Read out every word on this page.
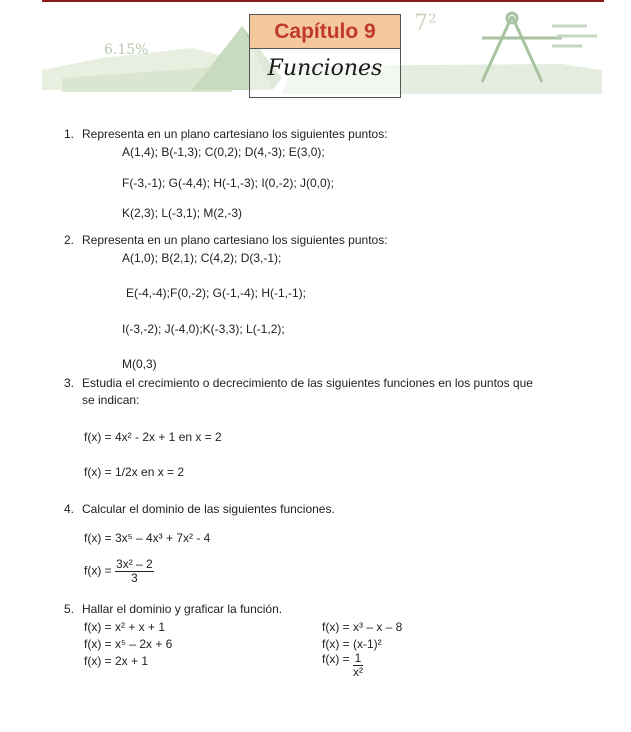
6.15%
7²
Capítulo 9
Funciones
1. Representa en un plano cartesiano los siguientes puntos:
A(1,4); B(-1,3); C(0,2); D(4,-3); E(3,0);
F(-3,-1); G(-4,4); H(-1,-3); I(0,-2); J(0,0);
K(2,3); L(-3,1); M(2,-3)
2. Representa en un plano cartesiano los siguientes puntos:
A(1,0); B(2,1); C(4,2); D(3,-1);
E(-4,-4);F(0,-2); G(-1,-4); H(-1,-1);
I(-3,-2); J(-4,0);K(-3,3); L(-1,2);
M(0,3)
3. Estudia el crecimiento o decrecimiento de las siguientes funciones en los puntos que
se indican:
f(x) = 4x² - 2x + 1 en x = 2
f(x) = 1/2x en x = 2
4. Calcular el dominio de las siguientes funciones.
f(x) = 3x⁵ – 4x³ + 7x² - 4
$f(x) = \frac{\text{3x² – 2}}{3}$
5. Hallar el dominio y graficar la función.
f(x) = x² + x + 1
f(x) = x⁵ – 2x + 6
f(x) = 2x + 1
f(x) = x³ – x – 8
f(x) = (x-1)²
$f(x) = \frac{1}{\text{x²}}$
